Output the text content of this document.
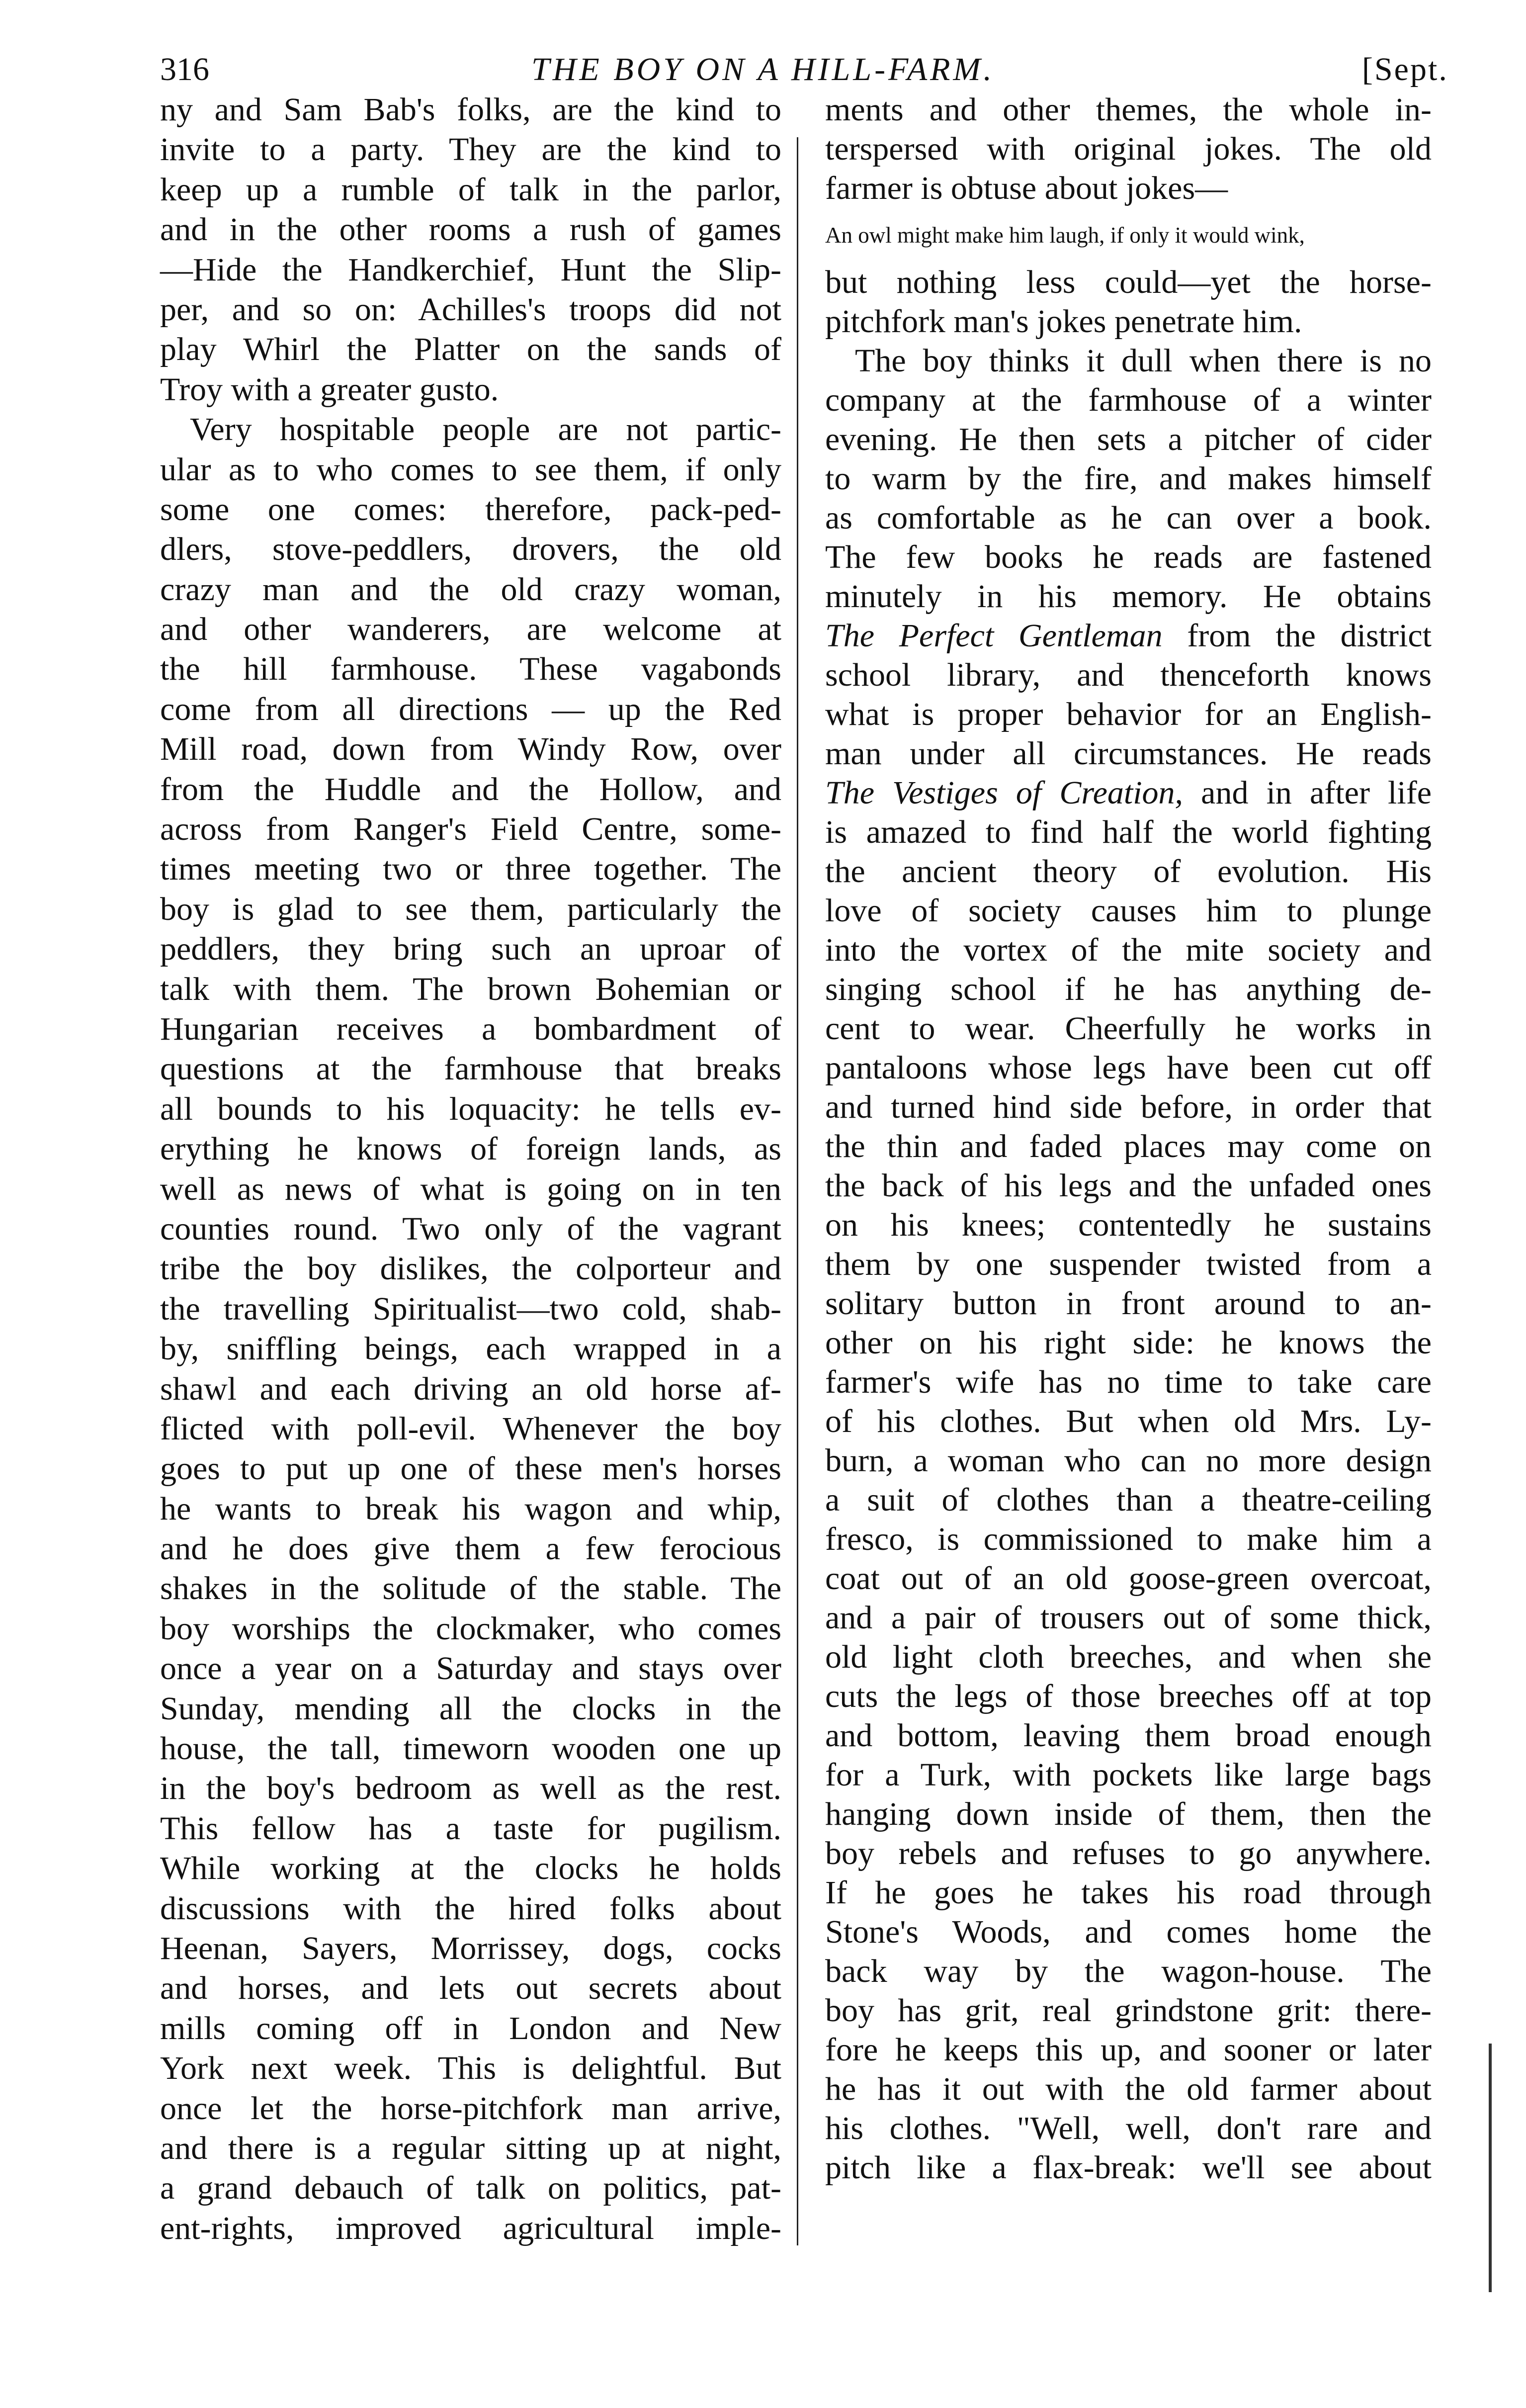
316	THE BOY ON A HILL-FARM.	[Sept.
ny and Sam Bab's folks, are the kind to
invite to a party. They are the kind to
keep up a rumble of talk in the parlor,
and in the other rooms a rush of games
—Hide the Handkerchief, Hunt the Slip-
per, and so on: Achilles's troops did not
play Whirl the Platter on the sands of
Troy with a greater gusto.
Very hospitable people are not partic-
ular as to who comes to see them, if only
some one comes: therefore, pack-ped-
dlers, stove-peddlers, drovers, the old
crazy man and the old crazy woman,
and other wanderers, are welcome at
the hill farmhouse. These vagabonds
come from all directions — up the Red
Mill road, down from Windy Row, over
from the Huddle and the Hollow, and
across from Ranger's Field Centre, some-
times meeting two or three together. The
boy is glad to see them, particularly the
peddlers, they bring such an uproar of
talk with them. The brown Bohemian or
Hungarian receives a bombardment of
questions at the farmhouse that breaks
all bounds to his loquacity: he tells ev-
erything he knows of foreign lands, as
well as news of what is going on in ten
counties round. Two only of the vagrant
tribe the boy dislikes, the colporteur and
the travelling Spiritualist—two cold, shab-
by, sniffling beings, each wrapped in a
shawl and each driving an old horse af-
flicted with poll-evil. Whenever the boy
goes to put up one of these men's horses
he wants to break his wagon and whip,
and he does give them a few ferocious
shakes in the solitude of the stable. The
boy worships the clockmaker, who comes
once a year on a Saturday and stays over
Sunday, mending all the clocks in the
house, the tall, timeworn wooden one up
in the boy's bedroom as well as the rest.
This fellow has a taste for pugilism.
While working at the clocks he holds
discussions with the hired folks about
Heenan, Sayers, Morrissey, dogs, cocks
and horses, and lets out secrets about
mills coming off in London and New
York next week. This is delightful. But
once let the horse-pitchfork man arrive,
and there is a regular sitting up at night,
a grand debauch of talk on politics, pat-
ent-rights, improved agricultural imple-
ments and other themes, the whole in-
terspersed with original jokes. The old
farmer is obtuse about jokes—
An owl might make him laugh, if only it would wink,
but nothing less could—yet the horse-
pitchfork man's jokes penetrate him.
The boy thinks it dull when there is no
company at the farmhouse of a winter
evening. He then sets a pitcher of cider
to warm by the fire, and makes himself
as comfortable as he can over a book.
The few books he reads are fastened
minutely in his memory. He obtains
The Perfect Gentleman from the district
school library, and thenceforth knows
what is proper behavior for an English-
man under all circumstances. He reads
The Vestiges of Creation, and in after life
is amazed to find half the world fighting
the ancient theory of evolution. His
love of society causes him to plunge
into the vortex of the mite society and
singing school if he has anything de-
cent to wear. Cheerfully he works in
pantaloons whose legs have been cut off
and turned hind side before, in order that
the thin and faded places may come on
the back of his legs and the unfaded ones
on his knees; contentedly he sustains
them by one suspender twisted from a
solitary button in front around to an-
other on his right side: he knows the
farmer's wife has no time to take care
of his clothes. But when old Mrs. Ly-
burn, a woman who can no more design
a suit of clothes than a theatre-ceiling
fresco, is commissioned to make him a
coat out of an old goose-green overcoat,
and a pair of trousers out of some thick,
old light cloth breeches, and when she
cuts the legs of those breeches off at top
and bottom, leaving them broad enough
for a Turk, with pockets like large bags
hanging down inside of them, then the
boy rebels and refuses to go anywhere.
If he goes he takes his road through
Stone's Woods, and comes home the
back way by the wagon-house. The
boy has grit, real grindstone grit: there-
fore he keeps this up, and sooner or later
he has it out with the old farmer about
his clothes. "Well, well, don't rare and
pitch like a flax-break: we'll see about
